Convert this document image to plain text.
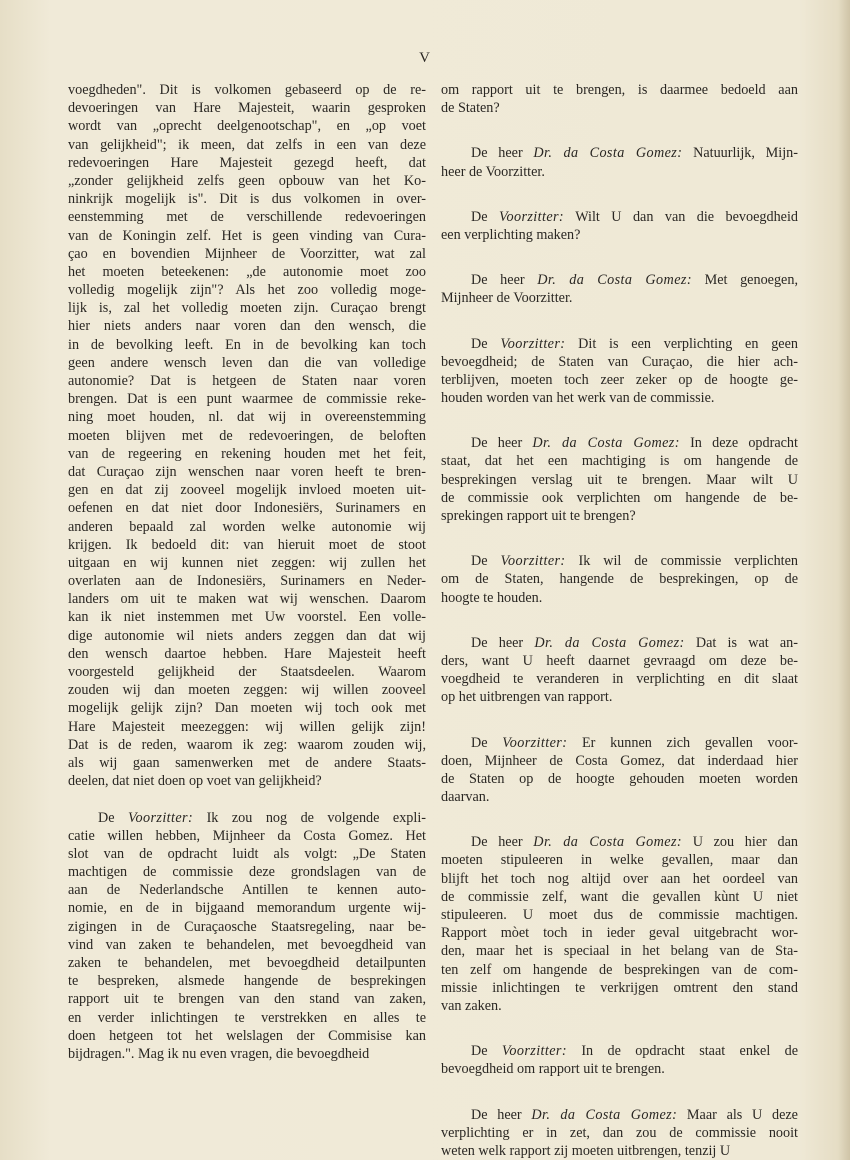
V
voegdheden". Dit is volkomen gebaseerd op de re-
devoeringen van Hare Majesteit, waarin gesproken
wordt van „oprecht deelgenootschap", en „op voet
van gelijkheid"; ik meen, dat zelfs in een van deze
redevoeringen Hare Majesteit gezegd heeft, dat
„zonder gelijkheid zelfs geen opbouw van het Ko-
ninkrijk mogelijk is". Dit is dus volkomen in over-
eenstemming met de verschillende redevoeringen
van de Koningin zelf. Het is geen vinding van Cura-
çao en bovendien Mijnheer de Voorzitter, wat zal
het moeten beteekenen: „de autonomie moet zoo
volledig mogelijk zijn"? Als het zoo volledig moge-
lijk is, zal het volledig moeten zijn. Curaçao brengt
hier niets anders naar voren dan den wensch, die
in de bevolking leeft. En in de bevolking kan toch
geen andere wensch leven dan die van volledige
autonomie? Dat is hetgeen de Staten naar voren
brengen. Dat is een punt waarmee de commissie reke-
ning moet houden, nl. dat wij in overeenstemming
moeten blijven met de redevoeringen, de beloften
van de regeering en rekening houden met het feit,
dat Curaçao zijn wenschen naar voren heeft te bren-
gen en dat zij zooveel mogelijk invloed moeten uit-
oefenen en dat niet door Indonesiërs, Surinamers en
anderen bepaald zal worden welke autonomie wij
krijgen. Ik bedoeld dit: van hieruit moet de stoot
uitgaan en wij kunnen niet zeggen: wij zullen het
overlaten aan de Indonesiërs, Surinamers en Neder-
landers om uit te maken wat wij wenschen. Daarom
kan ik niet instemmen met Uw voorstel. Een volle-
dige autonomie wil niets anders zeggen dan dat wij
den wensch daartoe hebben. Hare Majesteit heeft
voorgesteld gelijkheid der Staatsdeelen. Waarom
zouden wij dan moeten zeggen: wij willen zooveel
mogelijk gelijk zijn? Dan moeten wij toch ook met
Hare Majesteit meezeggen: wij willen gelijk zijn!
Dat is de reden, waarom ik zeg: waarom zouden wij,
als wij gaan samenwerken met de andere Staats-
deelen, dat niet doen op voet van gelijkheid?
De Voorzitter: Ik zou nog de volgende expli-
catie willen hebben, Mijnheer da Costa Gomez. Het
slot van de opdracht luidt als volgt: „De Staten
machtigen de commissie deze grondslagen van de
aan de Nederlandsche Antillen te kennen auto-
nomie, en de in bijgaand memorandum urgente wij-
zigingen in de Curaçaosche Staatsregeling, naar be-
vind van zaken te behandelen, met bevoegdheid van
zaken te behandelen, met bevoegdheid detailpunten
te bespreken, alsmede hangende de besprekingen
rapport uit te brengen van den stand van zaken,
en verder inlichtingen te verstrekken en alles te
doen hetgeen tot het welslagen der Commisise kan
bijdragen.". Mag ik nu even vragen, die bevoegdheid
om rapport uit te brengen, is daarmee bedoeld aan
de Staten?
De heer Dr. da Costa Gomez: Natuurlijk, Mijn-
heer de Voorzitter.
De Voorzitter: Wilt U dan van die bevoegdheid
een verplichting maken?
De heer Dr. da Costa Gomez: Met genoegen,
Mijnheer de Voorzitter.
De Voorzitter: Dit is een verplichting en geen
bevoegdheid; de Staten van Curaçao, die hier ach-
terblijven, moeten toch zeer zeker op de hoogte ge-
houden worden van het werk van de commissie.
De heer Dr. da Costa Gomez: In deze opdracht
staat, dat het een machtiging is om hangende de
besprekingen verslag uit te brengen. Maar wilt U
de commissie ook verplichten om hangende de be-
sprekingen rapport uit te brengen?
De Voorzitter: Ik wil de commissie verplichten
om de Staten, hangende de besprekingen, op de
hoogte te houden.
De heer Dr. da Costa Gomez: Dat is wat an-
ders, want U heeft daarnet gevraagd om deze be-
voegdheid te veranderen in verplichting en dit slaat
op het uitbrengen van rapport.
De Voorzitter: Er kunnen zich gevallen voor-
doen, Mijnheer de Costa Gomez, dat inderdaad hier
de Staten op de hoogte gehouden moeten worden
daarvan.
De heer Dr. da Costa Gomez: U zou hier dan
moeten stipuleeren in welke gevallen, maar dan
blijft het toch nog altijd over aan het oordeel van
de commissie zelf, want die gevallen kùnt U niet
stipuleeren. U moet dus de commissie machtigen.
Rapport mòet toch in ieder geval uitgebracht wor-
den, maar het is speciaal in het belang van de Sta-
ten zelf om hangende de besprekingen van de com-
missie inlichtingen te verkrijgen omtrent den stand
van zaken.
De Voorzitter: In de opdracht staat enkel de
bevoegdheid om rapport uit te brengen.
De heer Dr. da Costa Gomez: Maar als U deze
verplichting er in zet, dan zou de commissie nooit
weten welk rapport zij moeten uitbrengen, tenzij U
